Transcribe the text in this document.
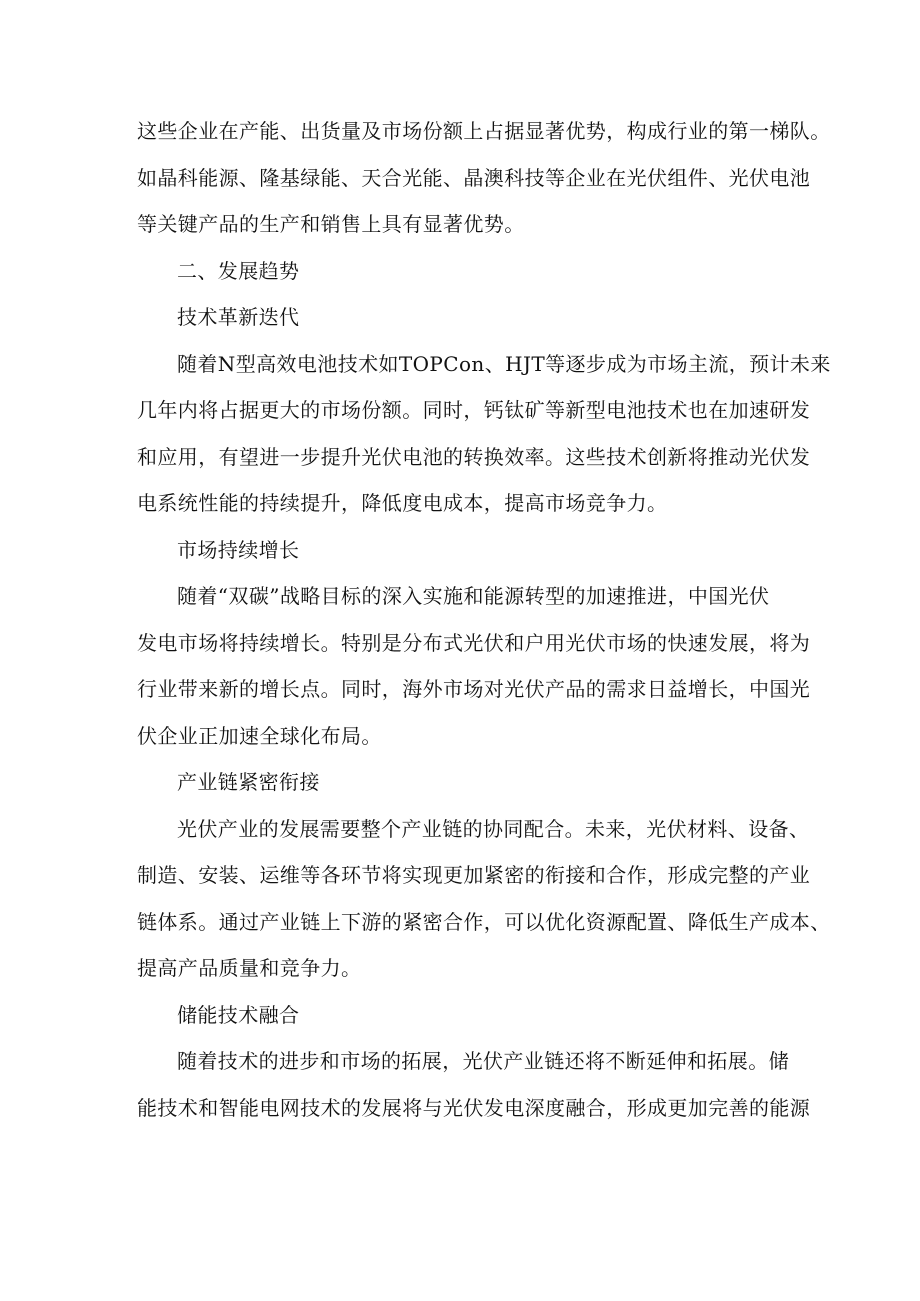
这些企业在产能、出货量及市场份额上占据显著优势，构成行业的第一梯队。
如晶科能源、隆基绿能、天合光能、晶澳科技等企业在光伏组件、光伏电池
等关键产品的生产和销售上具有显著优势。
二、发展趋势
技术革新迭代
随着N型高效电池技术如TOPCon、HJT等逐步成为市场主流，预计未来
几年内将占据更大的市场份额。同时，钙钛矿等新型电池技术也在加速研发
和应用，有望进一步提升光伏电池的转换效率。这些技术创新将推动光伏发
电系统性能的持续提升，降低度电成本，提高市场竞争力。
市场持续增长
随着“双碳”战略目标的深入实施和能源转型的加速推进，中国光伏
发电市场将持续增长。特别是分布式光伏和户用光伏市场的快速发展，将为
行业带来新的增长点。同时，海外市场对光伏产品的需求日益增长，中国光
伏企业正加速全球化布局。
产业链紧密衔接
光伏产业的发展需要整个产业链的协同配合。未来，光伏材料、设备、
制造、安装、运维等各环节将实现更加紧密的衔接和合作，形成完整的产业
链体系。通过产业链上下游的紧密合作，可以优化资源配置、降低生产成本、
提高产品质量和竞争力。
储能技术融合
随着技术的进步和市场的拓展，光伏产业链还将不断延伸和拓展。储
能技术和智能电网技术的发展将与光伏发电深度融合，形成更加完善的能源
